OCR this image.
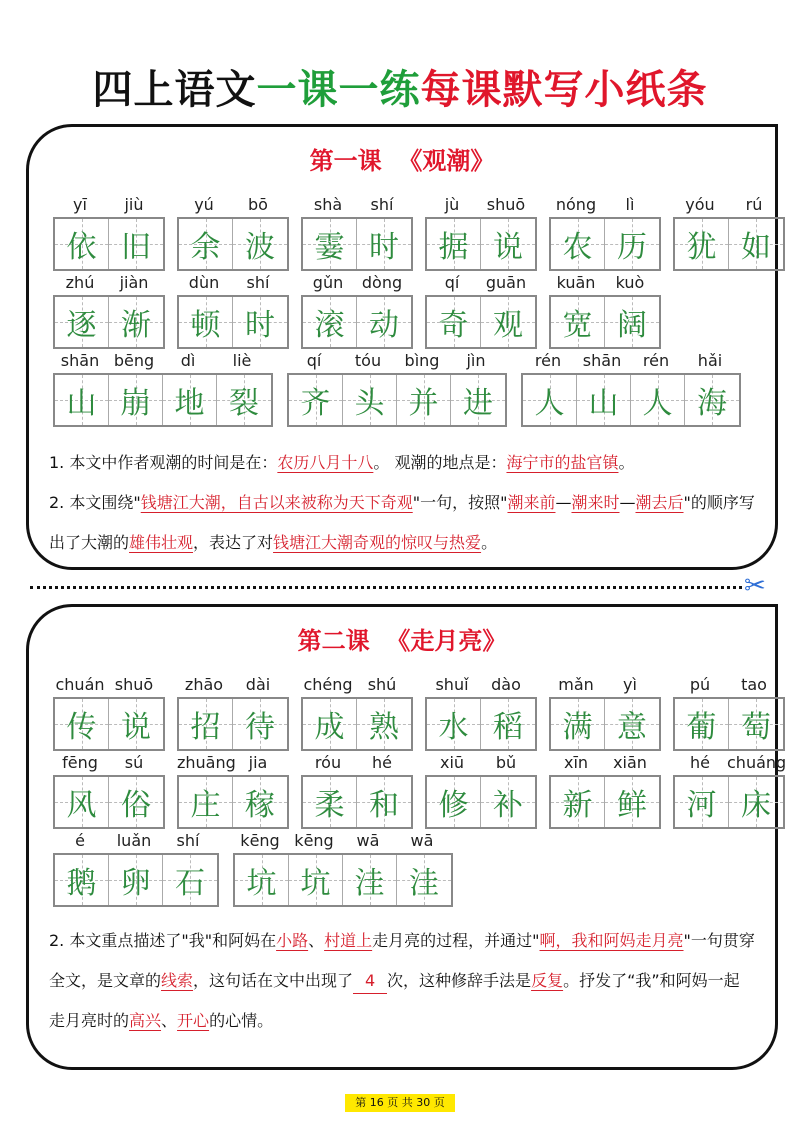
四上语文一课一练每课默写小纸条
第一课  《观潮》
yī	jiù
依 旧
yú	bō
余 波
shà	shí
霎 时
jù	shuō
据 说
nóng	lì
农 历
yóu	rú
犹 如
zhú	jiàn
逐 渐
dùn	shí
顿 时
gǔn	dòng
滚 动
qí	guān
奇 观
kuān	kuò
宽 阔
shān bēng	dì	liè
山 崩 地 裂
qí	tóu	bìng	jìn
齐 头 并 进
rén	shān	rén	hǎi
人 山 人 海
1. 本文中作者观潮的时间是在：农历八月十八。 观潮的地点是：海宁市的盐官镇。
2. 本文围绕"钱塘江大潮，自古以来被称为天下奇观"一句，按照"潮来前—潮来时—潮去后"的顺序写出了大潮的雄伟壮观，表达了对钱塘江大潮奇观的惊叹与热爱。
✂
第二课  《走月亮》
chuán shuō
传 说
zhāo	dài
招 待
chéng shú
成 熟
shuǐ	dào
水 稻
mǎn	yì
满 意
pú	tao
葡 萄
fēng	sú
风 俗
zhuāng jia
庄 稼
róu	hé
柔 和
xiū	bǔ
修 补
xīn	xiān
新 鲜
hé	chuáng
河 床
é	luǎn	shí
鹅 卵 石
kēng kēng	wā	wā
坑 坑 洼 洼
2. 本文重点描述了"我"和阿妈在小路、村道上走月亮的过程，并通过"啊，我和阿妈走月亮"一句贯穿全文，是文章的线索，这句话在文中出现了 4 次，这种修辞手法是反复。抒发了“我”和阿妈一起走月亮时的高兴、开心的心情。
第 16 页 共 30 页
